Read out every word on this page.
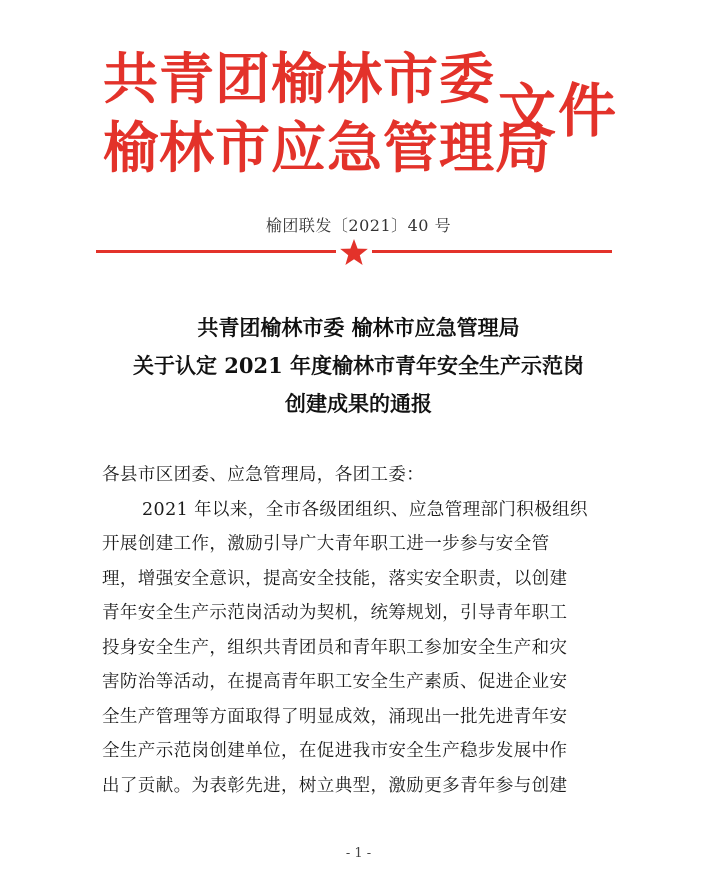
共青团榆林市委
榆林市应急管理局
文件
榆团联发〔2021〕40 号
共青团榆林市委 榆林市应急管理局
关于认定 2021 年度榆林市青年安全生产示范岗
创建成果的通报
各县市区团委、应急管理局，各团工委：
2021 年以来，全市各级团组织、应急管理部门积极组织
开展创建工作，激励引导广大青年职工进一步参与安全管
理，增强安全意识，提高安全技能，落实安全职责，以创建
青年安全生产示范岗活动为契机，统筹规划，引导青年职工
投身安全生产，组织共青团员和青年职工参加安全生产和灾
害防治等活动，在提高青年职工安全生产素质、促进企业安
全生产管理等方面取得了明显成效，涌现出一批先进青年安
全生产示范岗创建单位，在促进我市安全生产稳步发展中作
出了贡献。为表彰先进，树立典型，激励更多青年参与创建
- 1 -
